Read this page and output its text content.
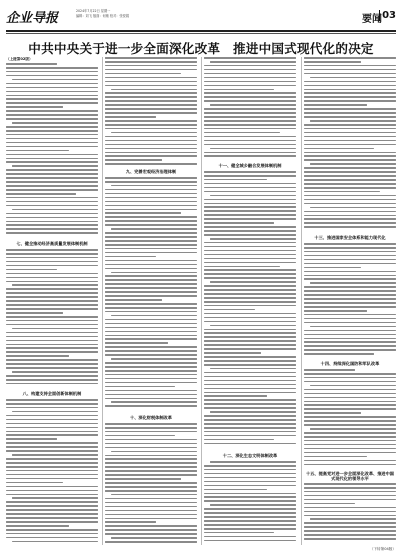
企业导报	2024年7月22日 星期一
编辑：刘飞 版面：何敏 校对：张悦娟	要闻 03
中共中央关于进一步全面深化改革　推进中国式现代化的决定
（上接第02版）
七、健全推动经济高质量发展体制机制
八、构建支持全面创新体制机制
九、完善宏观经济治理体制
十、深化财税体制改革
十一、健全城乡融合发展体制机制
十二、深化生态文明体制改革
十三、推进国家安全体系和能力现代化
十四、持续深化国防和军队改革
十五、提高党对进一步全面深化改革、推进中国式现代化的领导水平
（下转第04版）
